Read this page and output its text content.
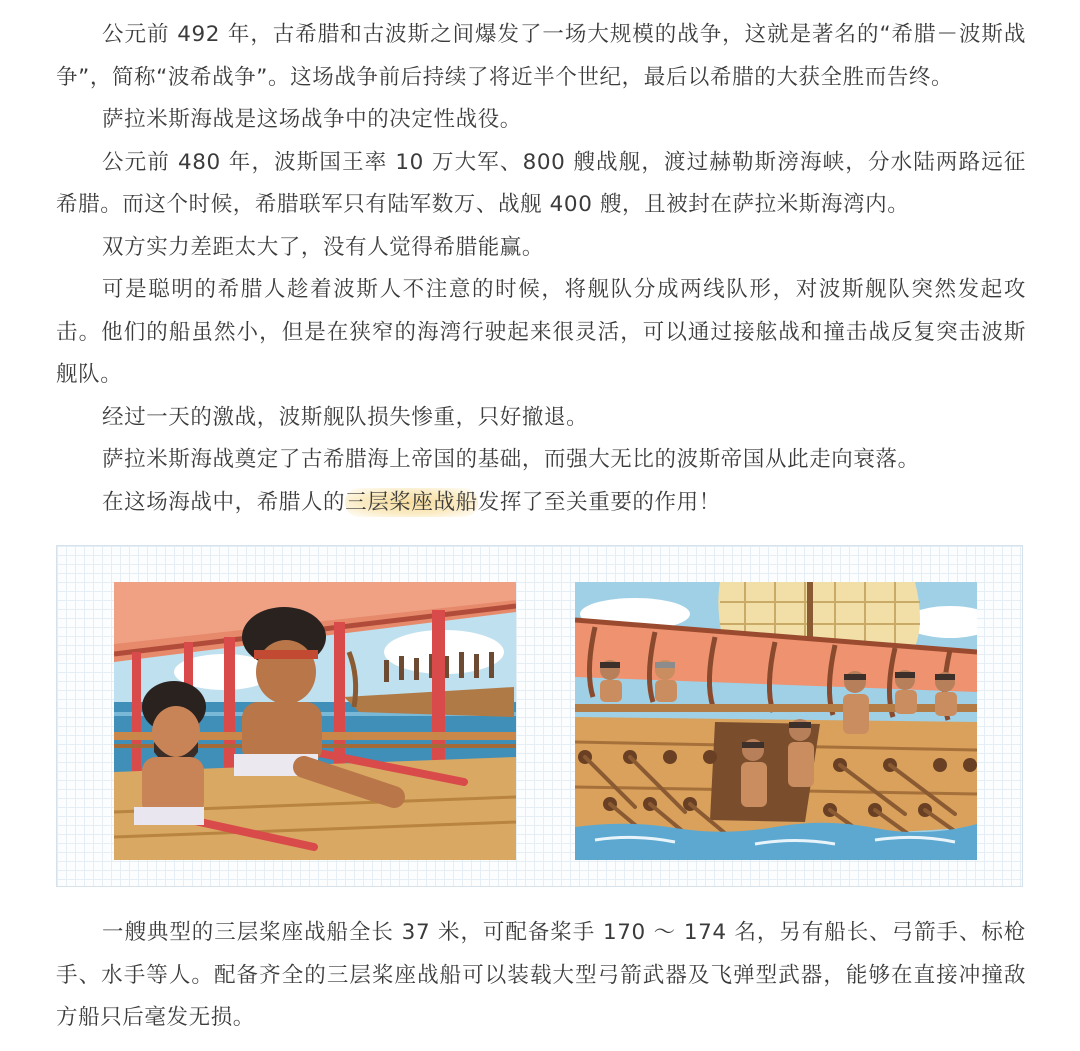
公元前 492 年，古希腊和古波斯之间爆发了一场大规模的战争，这就是著名的“希腊－波斯战争”，简称“波希战争”。这场战争前后持续了将近半个世纪，最后以希腊的大获全胜而告终。

萨拉米斯海战是这场战争中的决定性战役。

公元前 480 年，波斯国王率 10 万大军、800 艘战舰，渡过赫勒斯滂海峡，分水陆两路远征希腊。而这个时候，希腊联军只有陆军数万、战舰 400 艘，且被封在萨拉米斯海湾内。

双方实力差距太大了，没有人觉得希腊能赢。

可是聪明的希腊人趁着波斯人不注意的时候，将舰队分成两线队形，对波斯舰队突然发起攻击。他们的船虽然小，但是在狭窄的海湾行驶起来很灵活，可以通过接舷战和撞击战反复突击波斯舰队。

经过一天的激战，波斯舰队损失惨重，只好撤退。

萨拉米斯海战奠定了古希腊海上帝国的基础，而强大无比的波斯帝国从此走向衰落。

在这场海战中，希腊人的三层桨座战船发挥了至关重要的作用！

一艘典型的三层桨座战船全长 37 米，可配备桨手 170 ～ 174 名，另有船长、弓箭手、标枪手、水手等人。配备齐全的三层桨座战船可以装载大型弓箭武器及飞弹型武器，能够在直接冲撞敌方船只后毫发无损。
